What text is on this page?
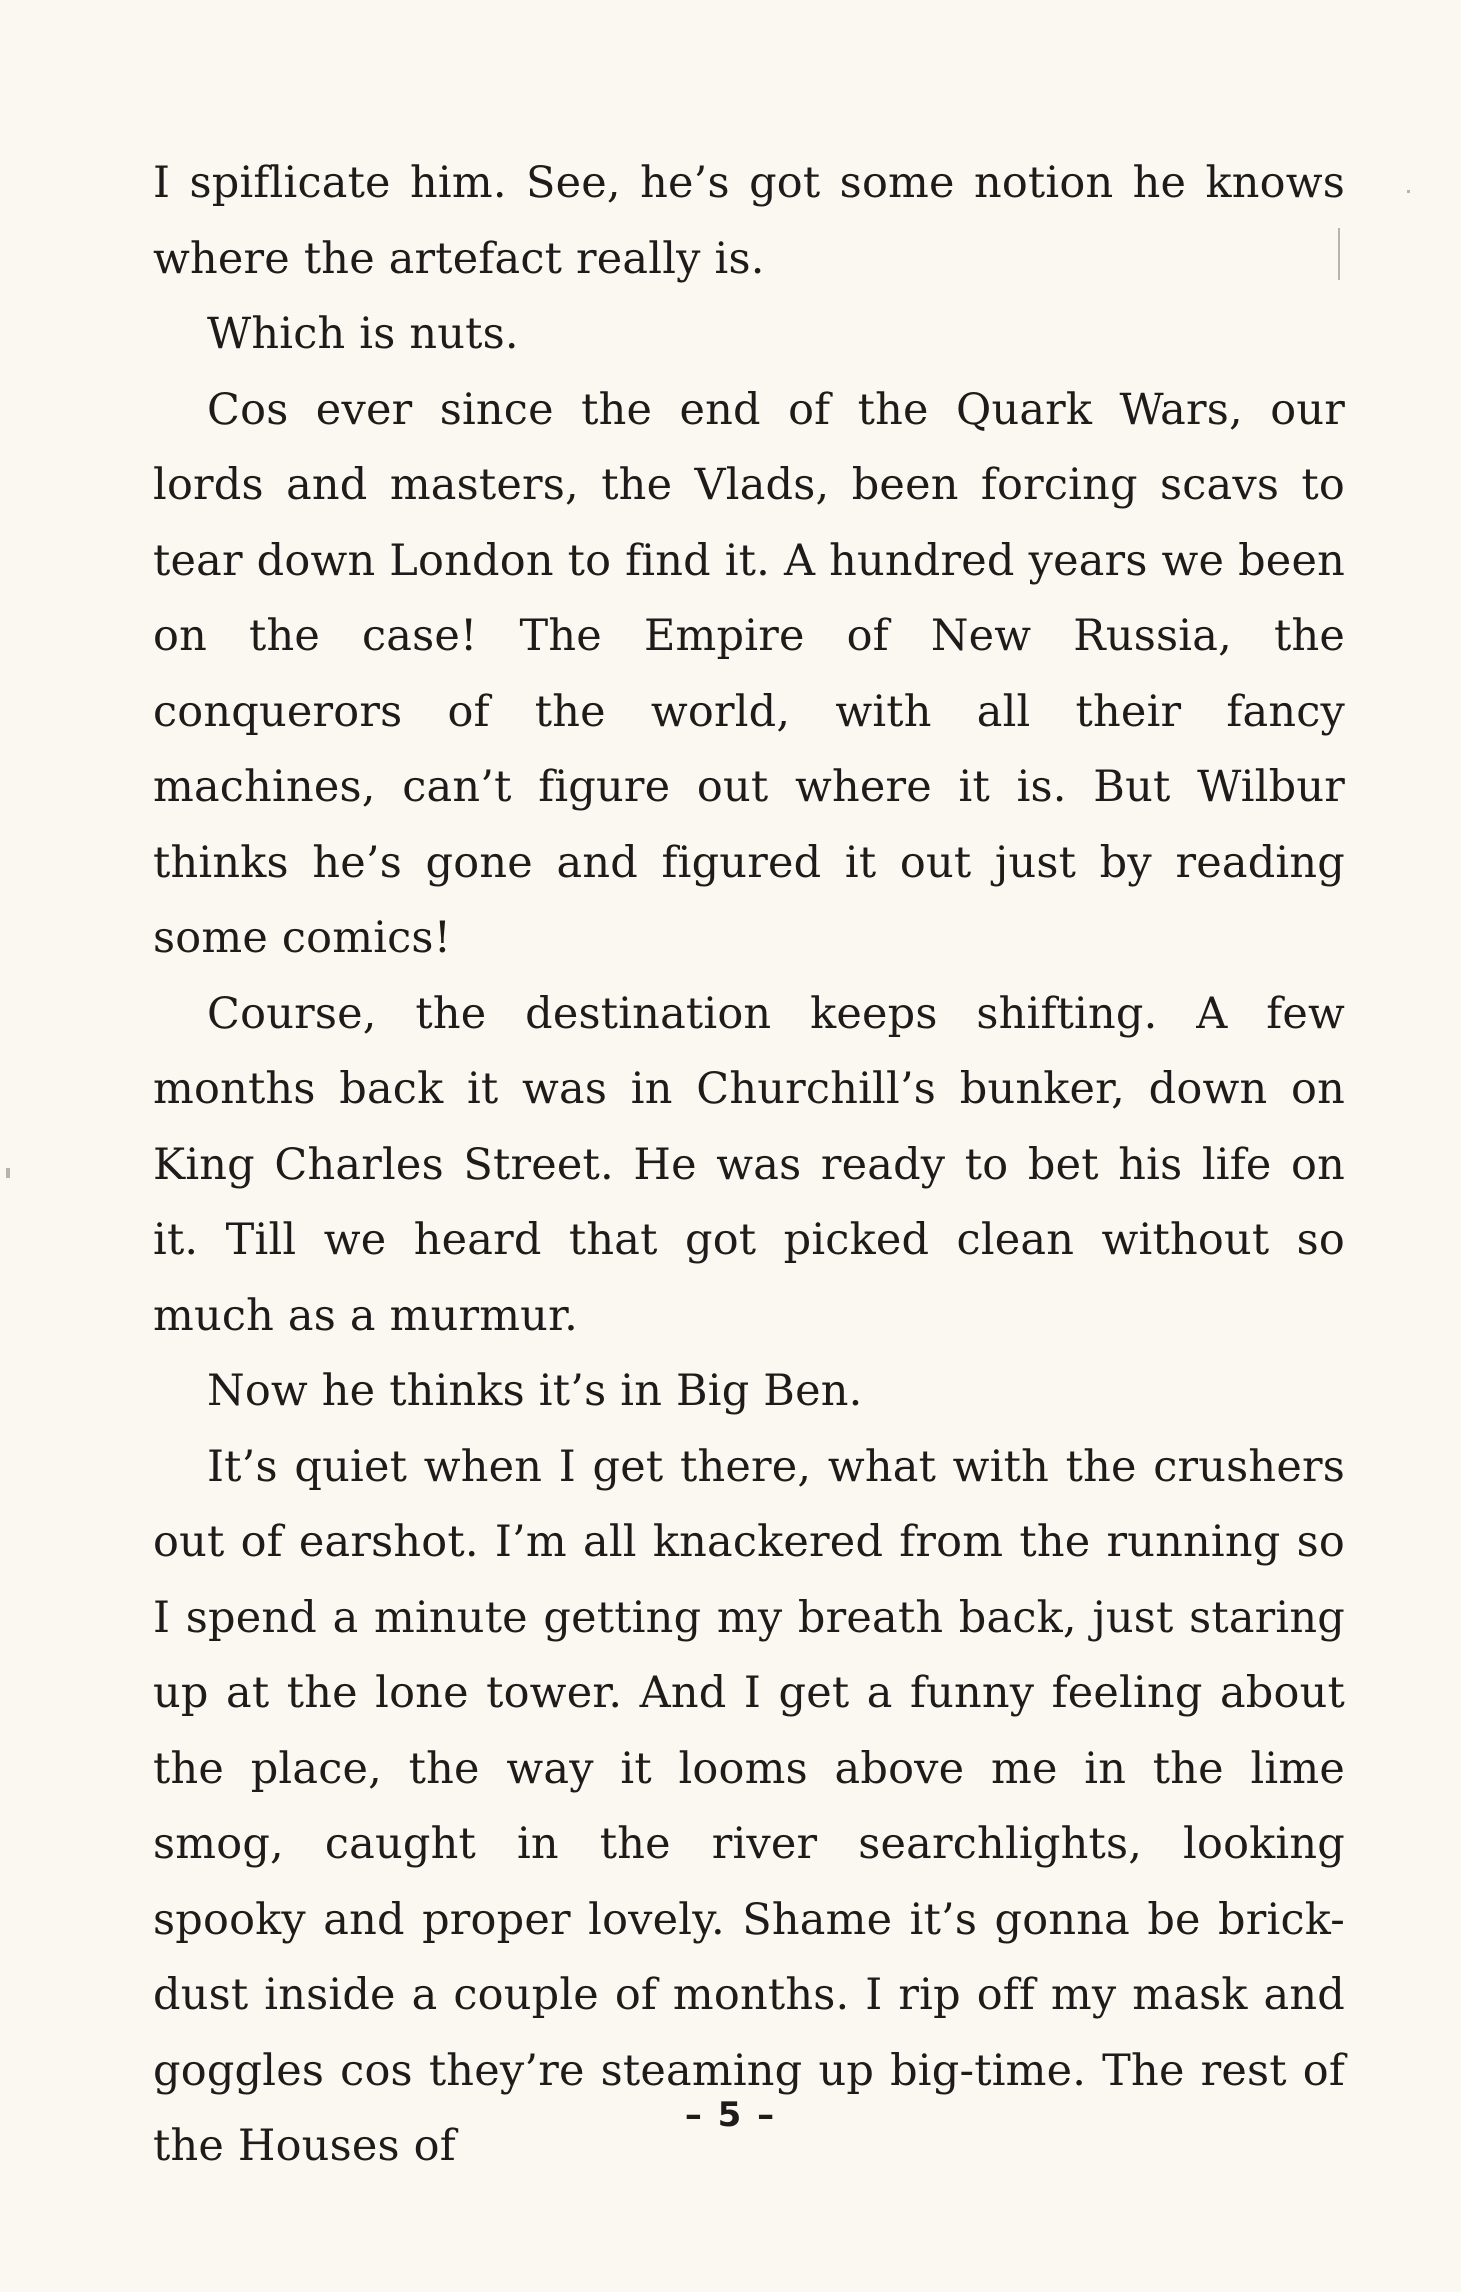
I spiflicate him. See, he’s got some notion he knows where the artefact really is.

Which is nuts.

Cos ever since the end of the Quark Wars, our lords and masters, the Vlads, been forcing scavs to tear down London to find it. A hundred years we been on the case! The Empire of New Russia, the conquerors of the world, with all their fancy machines, can’t figure out where it is. But Wilbur thinks he’s gone and figured it out just by reading some comics!

Course, the destination keeps shifting. A few months back it was in Churchill’s bunker, down on King Charles Street. He was ready to bet his life on it. Till we heard that got picked clean without so much as a murmur.

Now he thinks it’s in Big Ben.

It’s quiet when I get there, what with the crushers out of earshot. I’m all knackered from the running so I spend a minute getting my breath back, just staring up at the lone tower. And I get a funny feeling about the place, the way it looms above me in the lime smog, caught in the river searchlights, looking spooky and proper lovely. Shame it’s gonna be brick-dust inside a couple of months. I rip off my mask and goggles cos they’re steaming up big-time. The rest of the Houses of

– 5 –
